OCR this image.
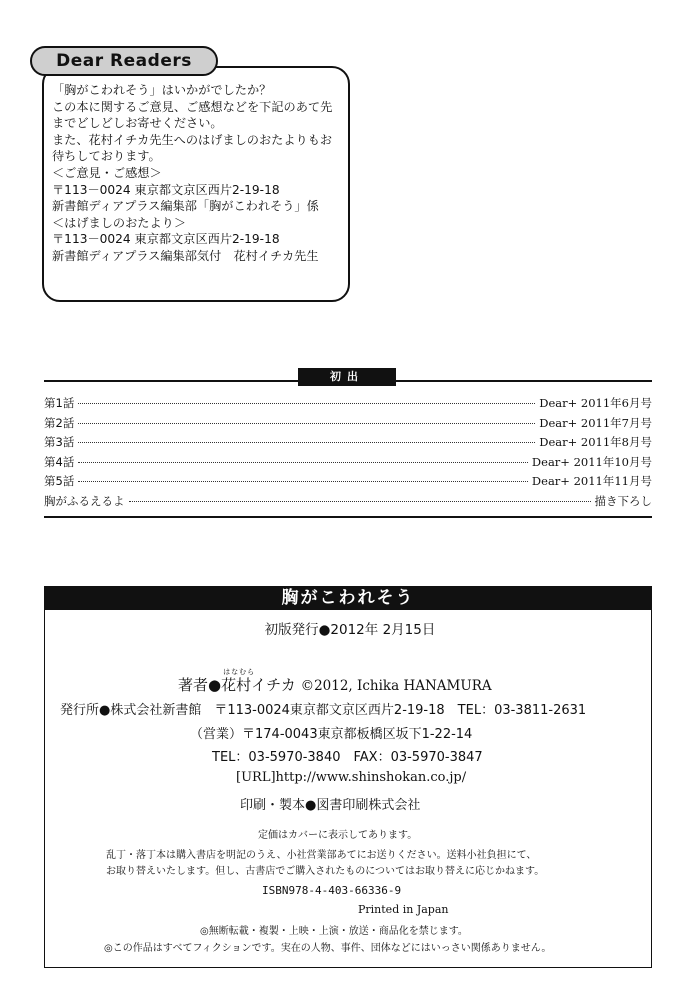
Dear Readers
「胸がこわれそう」はいかがでしたか？
この本に関するご意見、ご感想などを下記のあて先
までどしどしお寄せください。
また、花村イチカ先生へのはげましのおたよりもお
待ちしております。
＜ご意見・ご感想＞
〒113－0024 東京都文京区西片2-19-18
新書館ディアプラス編集部「胸がこわれそう」係
＜はげましのおたより＞
〒113－0024 東京都文京区西片2-19-18
新書館ディアプラス編集部気付　花村イチカ先生
初出
第1話	Dear+ 2011年6月号
第2話	Dear+ 2011年7月号
第3話	Dear+ 2011年8月号
第4話	Dear+ 2011年10月号
第5話	Dear+ 2011年11月号
胸がふるえるよ	描き下ろし
胸がこわれそう
初版発行●2012年 2月15日
著者●
はなむら
花村イチカ ©2012, Ichika HANAMURA
発行所●株式会社新書館　〒113-0024東京都文京区西片2-19-18　TEL：03-3811-2631
（営業）〒174-0043東京都板橋区坂下1-22-14
TEL：03-5970-3840　FAX：03-5970-3847
[URL]http://www.shinshokan.co.jp/
印刷・製本●図書印刷株式会社
定価はカバーに表示してあります。
乱丁・落丁本は購入書店を明記のうえ、小社営業部あてにお送りください。送料小社負担にて、
お取り替えいたします。但し、古書店でご購入されたものについてはお取り替えに応じかねます。
ISBN978-4-403-66336-9
Printed in Japan
◎無断転載・複製・上映・上演・放送・商品化を禁じます。
◎この作品はすべてフィクションです。実在の人物、事件、団体などにはいっさい関係ありません。
